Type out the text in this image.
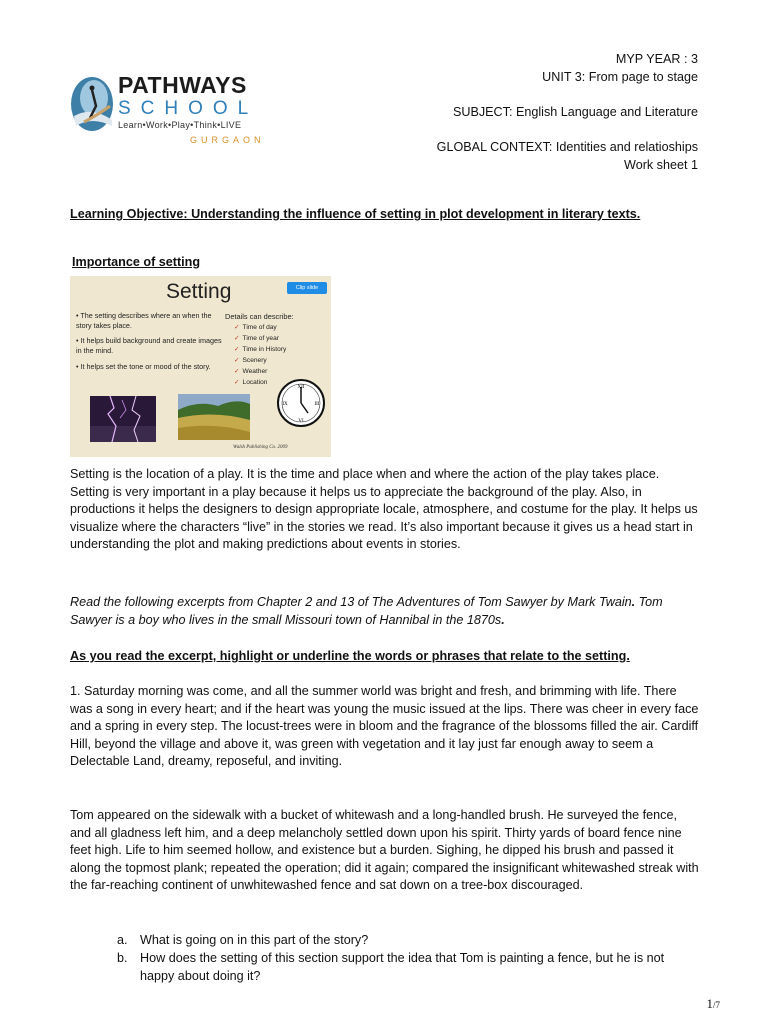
PATHWAYS
SCHOOL
Learn•Work•Play•Think•LIVE
GURGAON
MYP YEAR : 3
UNIT 3: From page to stage
SUBJECT: English Language and Literature
GLOBAL CONTEXT: Identities and relatioships
Work sheet 1
Learning Objective: Understanding the influence of setting in plot development in literary texts.
Importance of setting
Setting	Clip slide
• The setting describes where an when the story takes place.
• It helps build background and create images in the mind.
• It helps set the tone or mood of the story.
Details can describe:
✓ Time of day
✓ Time of year
✓ Time in History
✓ Scenery
✓ Weather
✓ Location
XII
III
VI
IX
Walsh Publishing Co. 2009
Setting is the location of a play. It is the time and place when and where the action of the play takes place. Setting is very important in a play because it helps us to appreciate the background of the play. Also, in productions it helps the designers to design appropriate locale, atmosphere, and costume for the play. It helps us visualize where the characters “live” in the stories we read. It’s also important because it gives us a head start in understanding the plot and making predictions about events in stories.
Read the following excerpts from Chapter 2 and 13 of The Adventures of Tom Sawyer by Mark Twain. Tom Sawyer is a boy who lives in the small Missouri town of Hannibal in the 1870s.
As you read the excerpt, highlight or underline the words or phrases that relate to the setting.
1. Saturday morning was come, and all the summer world was bright and fresh, and brimming with life. There was a song in every heart; and if the heart was young the music issued at the lips. There was cheer in every face and a spring in every step. The locust-trees were in bloom and the fragrance of the blossoms filled the air. Cardiff Hill, beyond the village and above it, was green with vegetation and it lay just far enough away to seem a Delectable Land, dreamy, reposeful, and inviting.
Tom appeared on the sidewalk with a bucket of whitewash and a long-handled brush. He surveyed the fence, and all gladness left him, and a deep melancholy settled down upon his spirit. Thirty yards of board fence nine feet high. Life to him seemed hollow, and existence but a burden. Sighing, he dipped his brush and passed it along the topmost plank; repeated the operation; did it again; compared the insignificant whitewashed streak with the far-reaching continent of unwhitewashed fence and sat down on a tree-box discouraged.
a. What is going on in this part of the story?
b. How does the setting of this section support the idea that Tom is painting a fence, but he is not happy about doing it?
1/7
